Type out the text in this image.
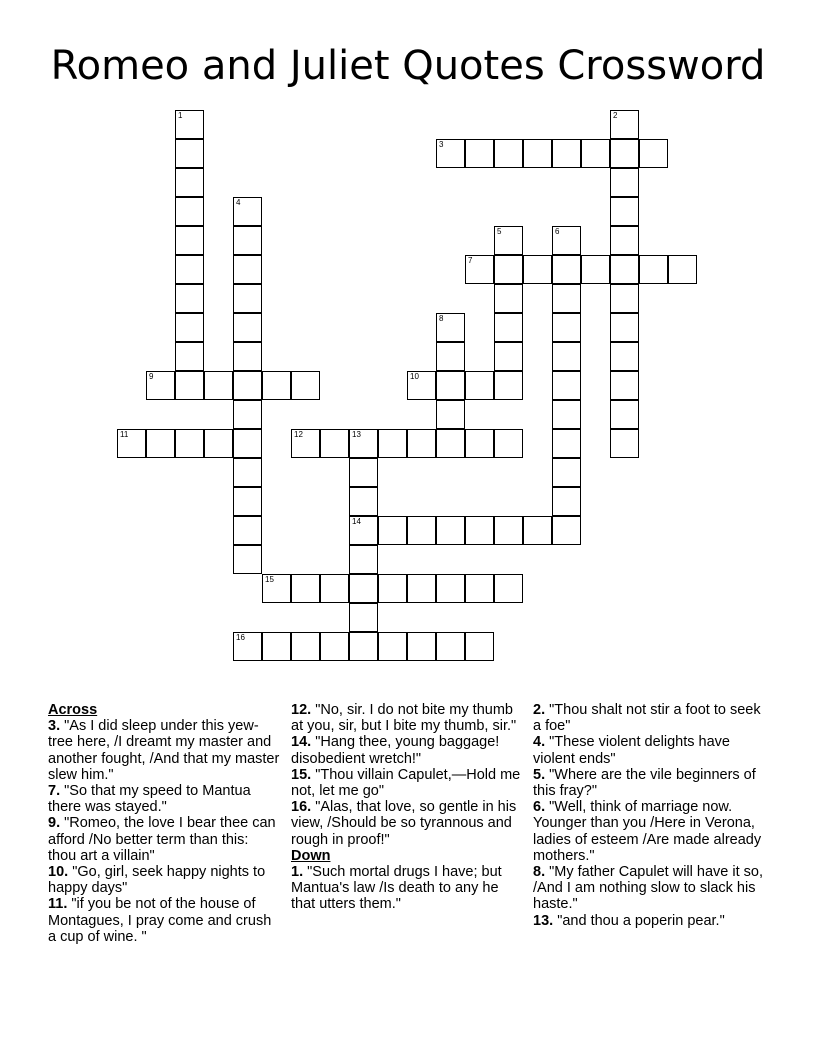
Romeo and Juliet Quotes Crossword
1	2
3
4
5	6
7
8
9	10
11	12	13
14
15
16
Across
3. "As I did sleep under this yew-tree here, /I dreamt my master and another fought, /And that my master slew him."
7. "So that my speed to Mantua there was stayed."
9. "Romeo, the love I bear thee can afford /No better term than this: thou art a villain"
10. "Go, girl, seek happy nights to happy days"
11. "if you be not of the house of Montagues, I pray come and crush a cup of wine. "
12. "No, sir. I do not bite my thumb at you, sir, but I bite my thumb, sir."
14. "Hang thee, young baggage! disobedient wretch!"
15. "Thou villain Capulet,—Hold me not, let me go"
16. "Alas, that love, so gentle in his view, /Should be so tyrannous and rough in proof!"
Down
1. "Such mortal drugs I have; but Mantua's law /Is death to any he that utters them."
2. "Thou shalt not stir a foot to seek a foe"
4. "These violent delights have violent ends"
5. "Where are the vile beginners of this fray?"
6. "Well, think of marriage now. Younger than you /Here in Verona, ladies of esteem /Are made already mothers."
8. "My father Capulet will have it so, /And I am nothing slow to slack his haste."
13. "and thou a poperin pear."
